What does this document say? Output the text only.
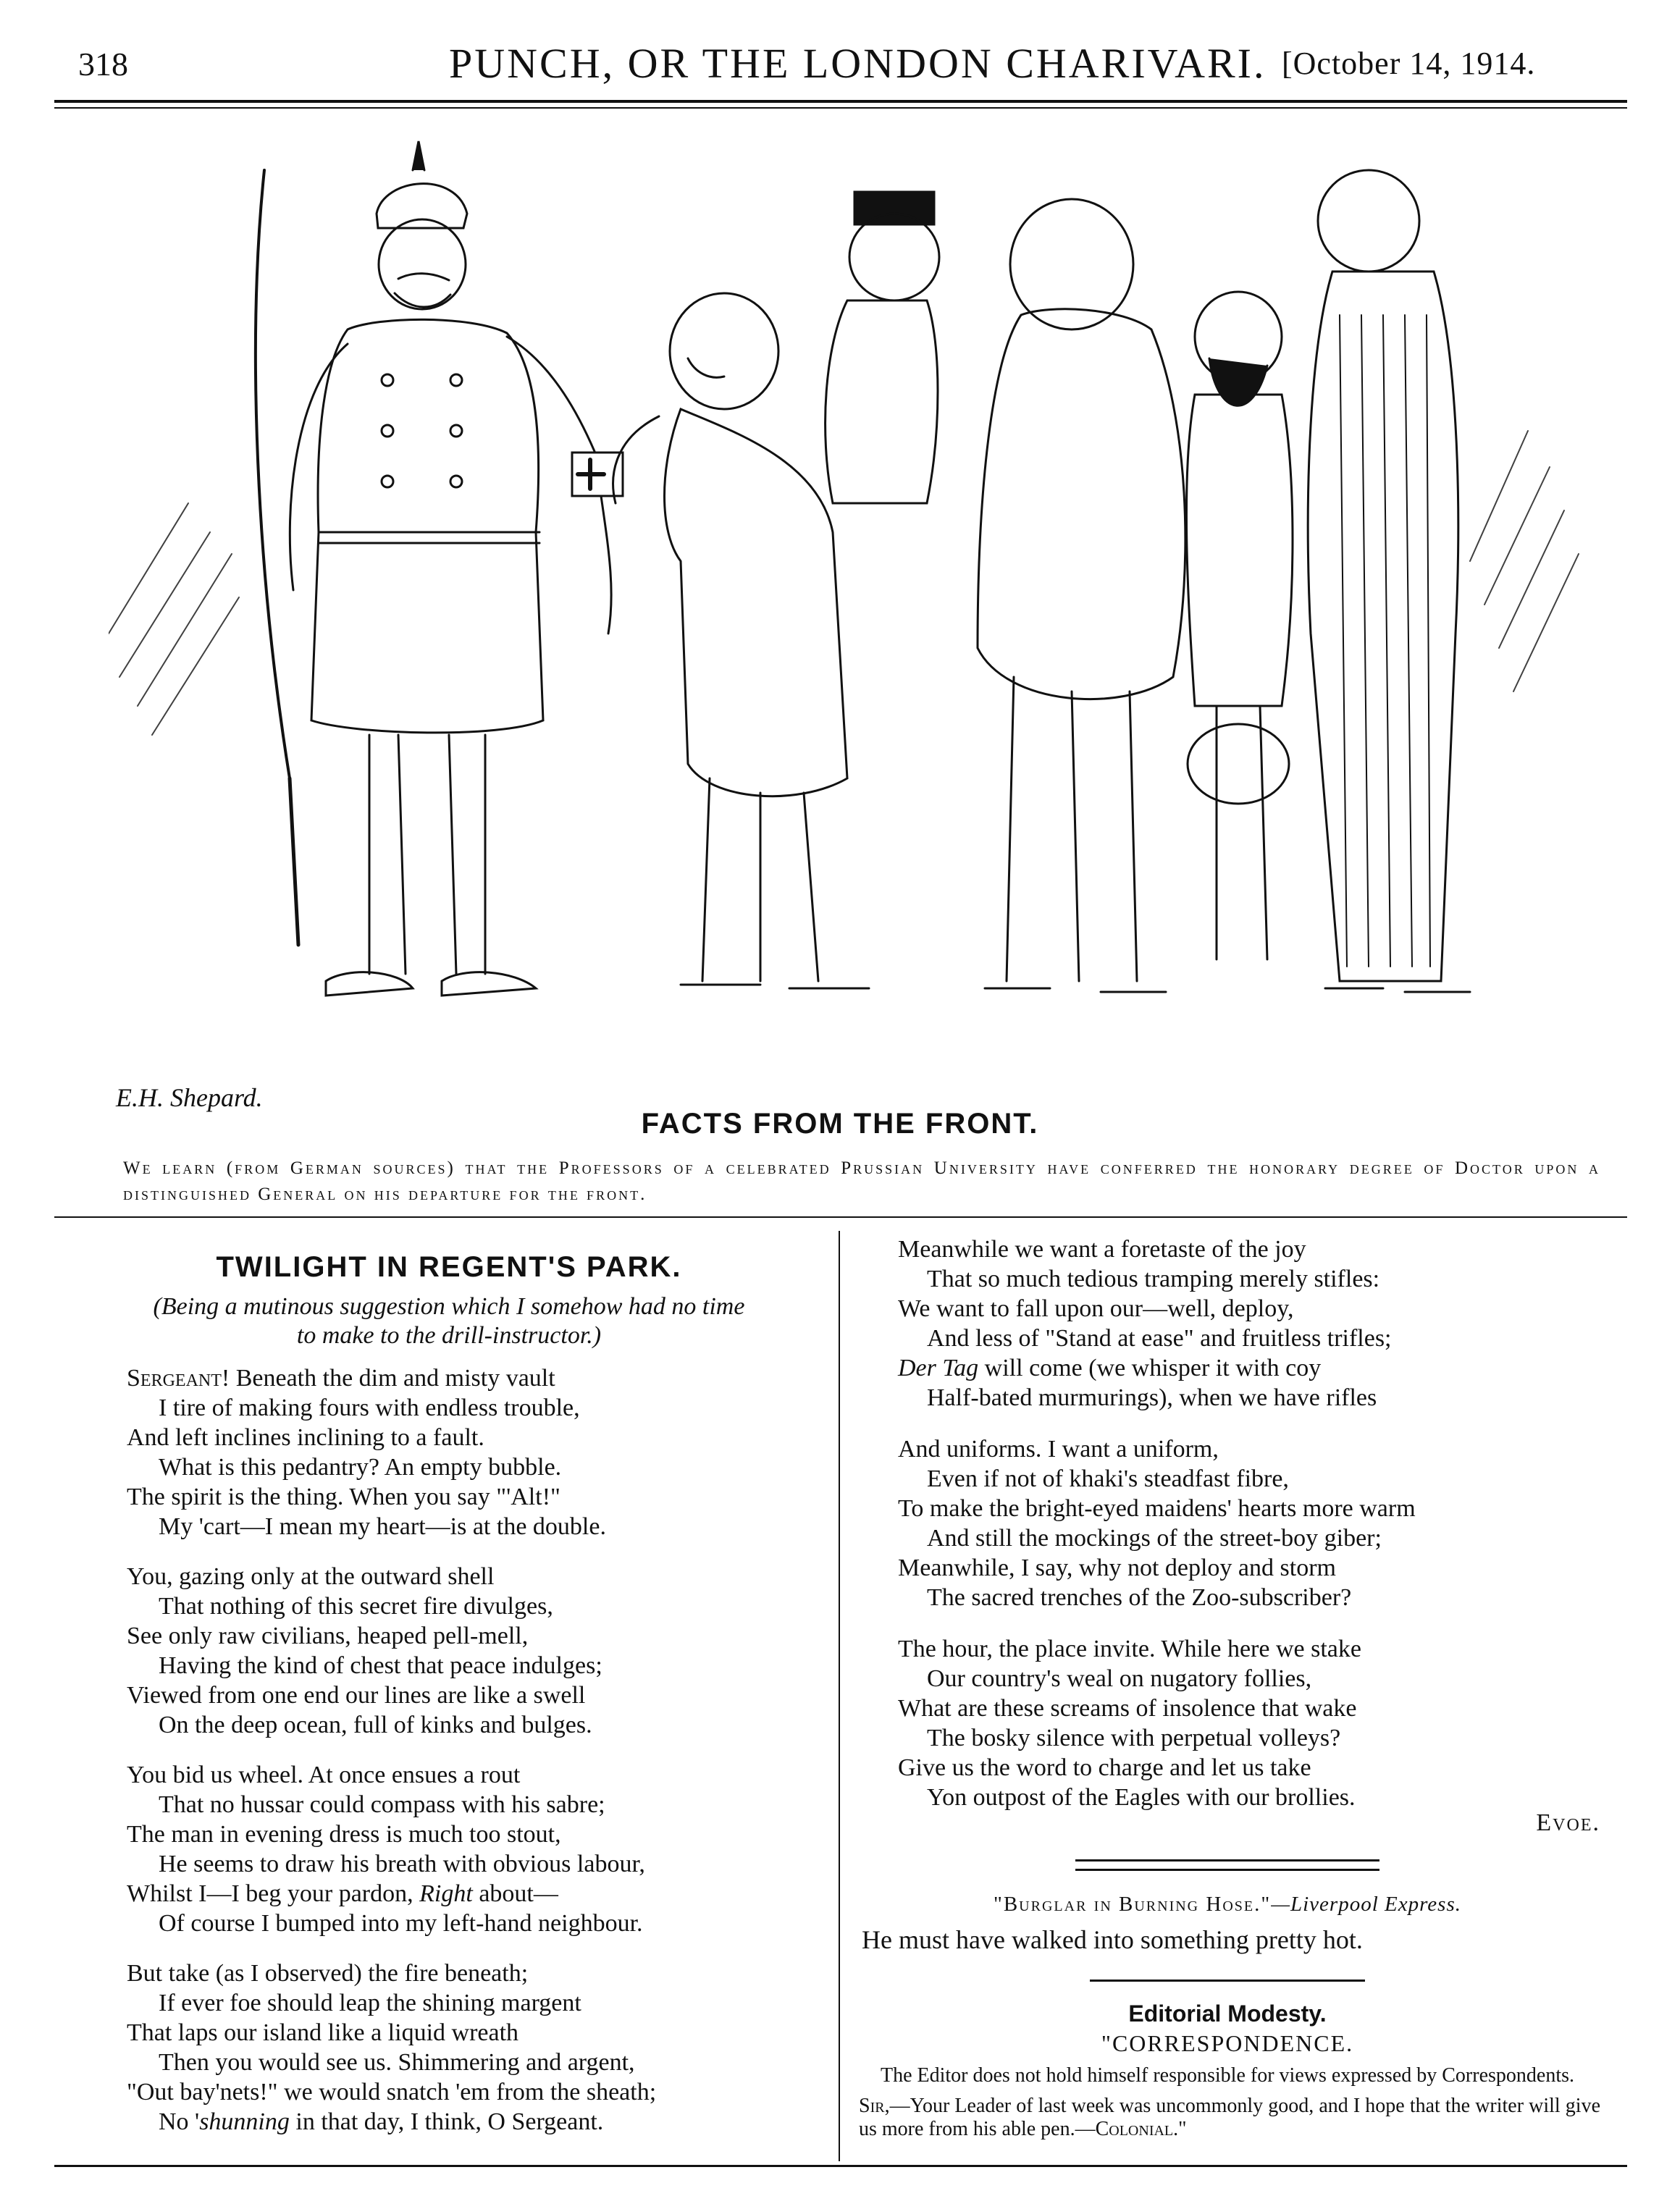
318	PUNCH, OR THE LONDON CHARIVARI. [October 14, 1914.
E.H. Shepard.
FACTS FROM THE FRONT.
We learn (from German sources) that the Professors of a celebrated Prussian University have conferred the honorary degree of Doctor upon a distinguished General on his departure for the front.
TWILIGHT IN REGENT'S PARK.
(Being a mutinous suggestion which I somehow had no time
to make to the drill-instructor.)
Sergeant! Beneath the dim and misty vault
I tire of making fours with endless trouble,
And left inclines inclining to a fault.
What is this pedantry? An empty bubble.
The spirit is the thing. When you say "'Alt!"
My 'cart—I mean my heart—is at the double.
You, gazing only at the outward shell
That nothing of this secret fire divulges,
See only raw civilians, heaped pell-mell,
Having the kind of chest that peace indulges;
Viewed from one end our lines are like a swell
On the deep ocean, full of kinks and bulges.
You bid us wheel. At once ensues a rout
That no hussar could compass with his sabre;
The man in evening dress is much too stout,
He seems to draw his breath with obvious labour,
Whilst I—I beg your pardon, Right about—
Of course I bumped into my left-hand neighbour.
But take (as I observed) the fire beneath;
If ever foe should leap the shining margent
That laps our island like a liquid wreath
Then you would see us. Shimmering and argent,
"Out bay'nets!" we would snatch 'em from the sheath;
No 'shunning in that day, I think, O Sergeant.
Meanwhile we want a foretaste of the joy
That so much tedious tramping merely stifles:
We want to fall upon our—well, deploy,
And less of "Stand at ease" and fruitless trifles;
Der Tag will come (we whisper it with coy
Half-bated murmurings), when we have rifles
And uniforms. I want a uniform,
Even if not of khaki's steadfast fibre,
To make the bright-eyed maidens' hearts more warm
And still the mockings of the street-boy giber;
Meanwhile, I say, why not deploy and storm
The sacred trenches of the Zoo-subscriber?
The hour, the place invite. While here we stake
Our country's weal on nugatory follies,
What are these screams of insolence that wake
The bosky silence with perpetual volleys?
Give us the word to charge and let us take
Yon outpost of the Eagles with our brollies.
Evoe.
"Burglar in Burning Hose."—Liverpool Express.
He must have walked into something pretty hot.
Editorial Modesty.
"CORRESPONDENCE.
The Editor does not hold himself responsible for views expressed by Correspondents.
Sir,—Your Leader of last week was uncommonly good, and I hope that the writer will give us more from his able pen.—Colonial."
